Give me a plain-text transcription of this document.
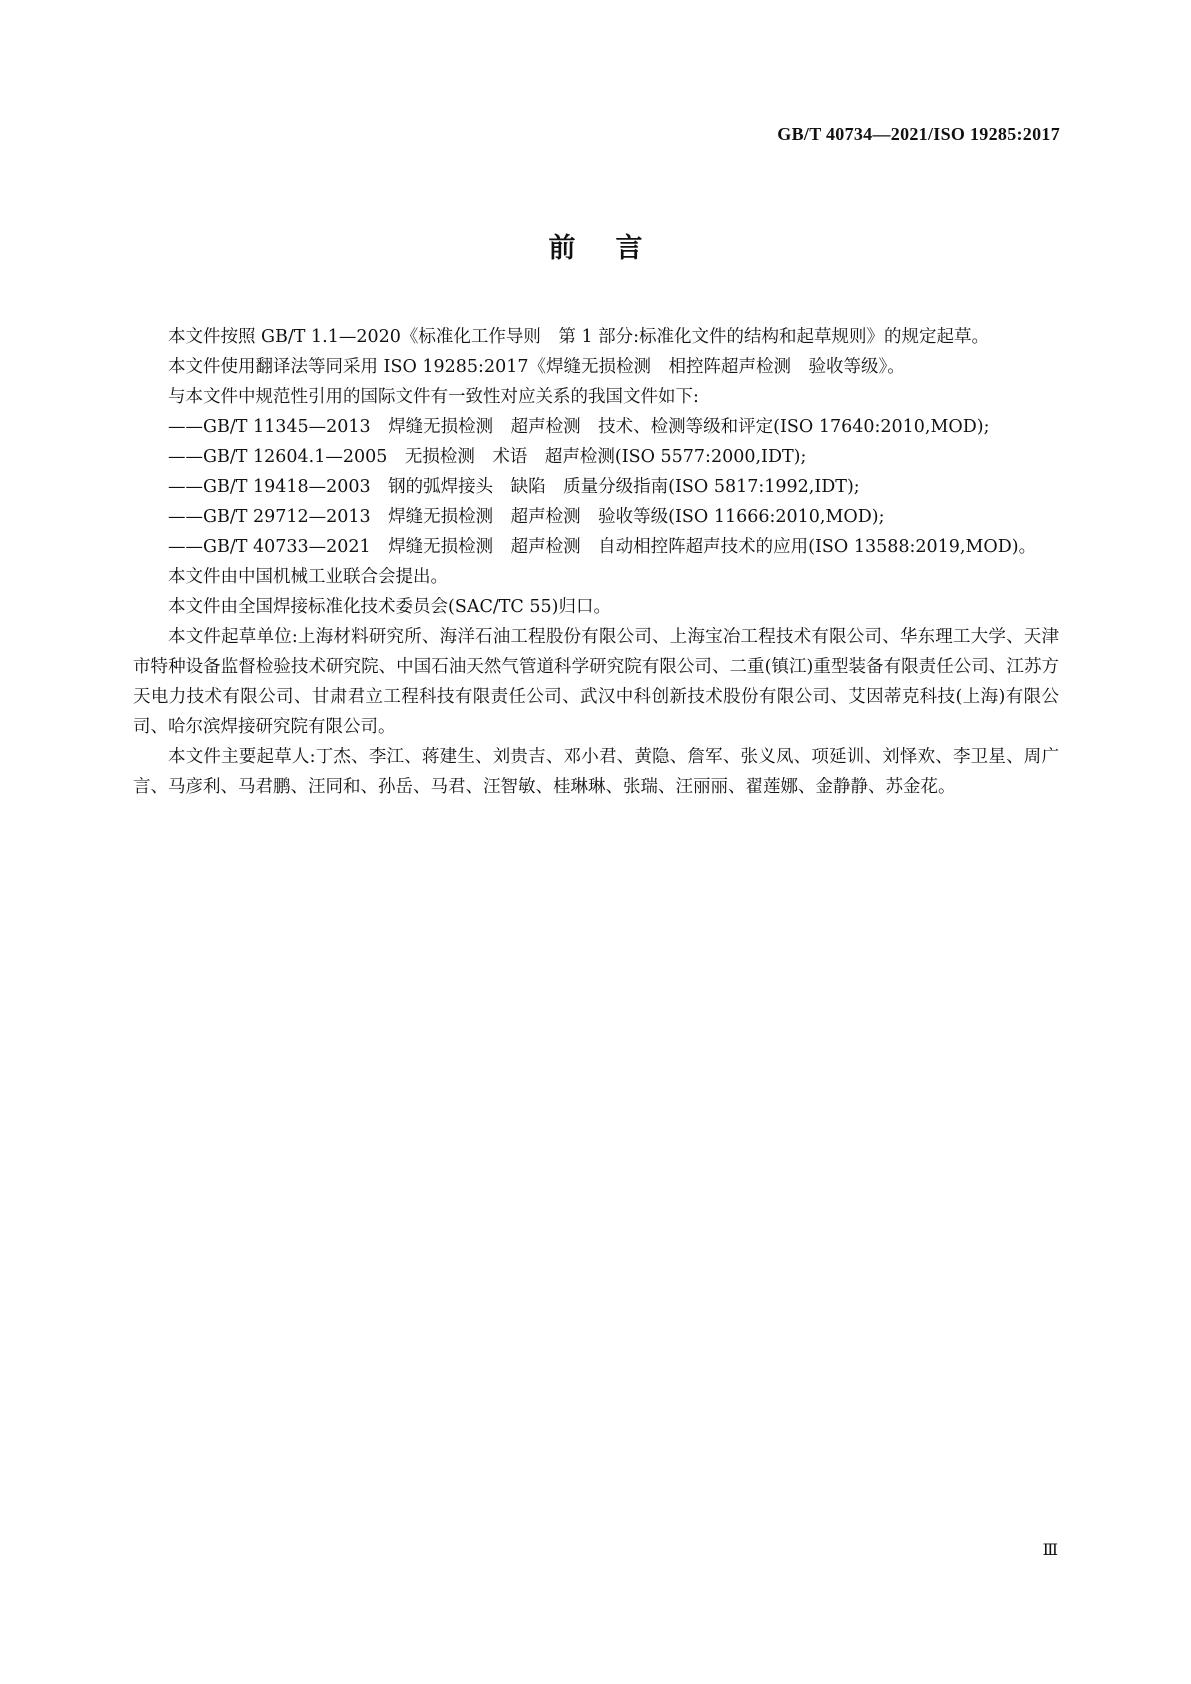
GB/T 40734—2021/ISO 19285:2017
前言

本文件按照 GB/T 1.1—2020《标准化工作导则　第 1 部分:标准化文件的结构和起草规则》的规定起草。

本文件使用翻译法等同采用 ISO 19285:2017《焊缝无损检测　相控阵超声检测　验收等级》。

与本文件中规范性引用的国际文件有一致性对应关系的我国文件如下:

——GB/T 11345—2013　焊缝无损检测　超声检测　技术、检测等级和评定(ISO 17640:2010,MOD);

——GB/T 12604.1—2005　无损检测　术语　超声检测(ISO 5577:2000,IDT);

——GB/T 19418—2003　钢的弧焊接头　缺陷　质量分级指南(ISO 5817:1992,IDT);

——GB/T 29712—2013　焊缝无损检测　超声检测　验收等级(ISO 11666:2010,MOD);

——GB/T 40733—2021　焊缝无损检测　超声检测　自动相控阵超声技术的应用(ISO 13588:2019,MOD)。

本文件由中国机械工业联合会提出。

本文件由全国焊接标准化技术委员会(SAC/TC 55)归口。

本文件起草单位:上海材料研究所、海洋石油工程股份有限公司、上海宝冶工程技术有限公司、华东理工大学、天津市特种设备监督检验技术研究院、中国石油天然气管道科学研究院有限公司、二重(镇江)重型装备有限责任公司、江苏方天电力技术有限公司、甘肃君立工程科技有限责任公司、武汉中科创新技术股份有限公司、艾因蒂克科技(上海)有限公司、哈尔滨焊接研究院有限公司。

本文件主要起草人:丁杰、李江、蒋建生、刘贵吉、邓小君、黄隐、詹军、张义凤、项延训、刘怿欢、李卫星、周广言、马彦利、马君鹏、汪同和、孙岳、马君、汪智敏、桂琳琳、张瑞、汪丽丽、翟莲娜、金静静、苏金花。

Ⅲ
